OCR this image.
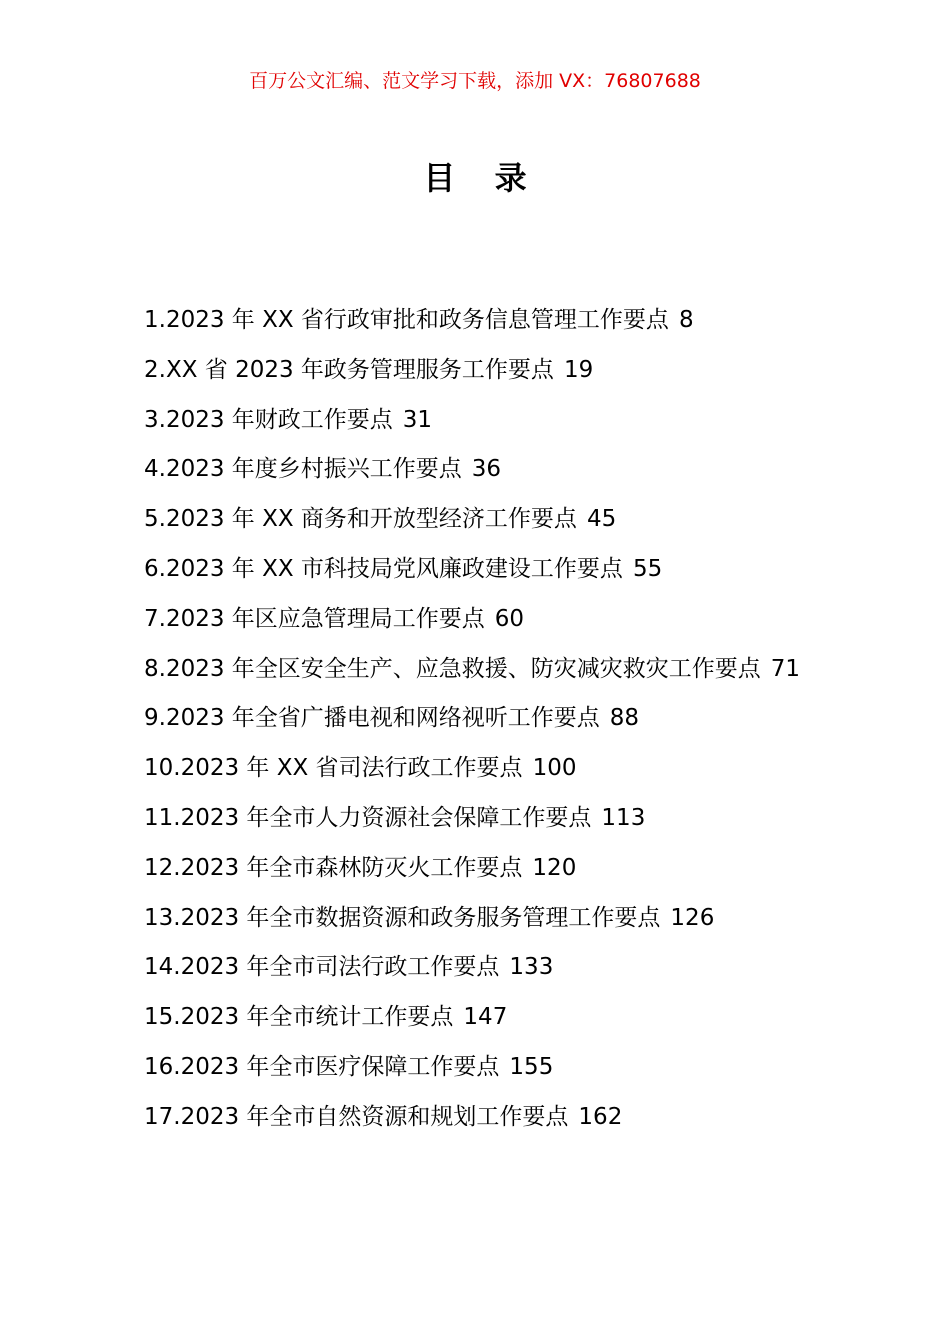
百万公文汇编、范文学习下载，添加 VX：76807688
目 录
1.2023 年 XX 省行政审批和政务信息管理工作要点 8
2.XX 省 2023 年政务管理服务工作要点 19
3.2023 年财政工作要点 31
4.2023 年度乡村振兴工作要点 36
5.2023 年 XX 商务和开放型经济工作要点 45
6.2023 年 XX 市科技局党风廉政建设工作要点 55
7.2023 年区应急管理局工作要点 60
8.2023 年全区安全生产、应急救援、防灾减灾救灾工作要点 71
9.2023 年全省广播电视和网络视听工作要点 88
10.2023 年 XX 省司法行政工作要点 100
11.2023 年全市人力资源社会保障工作要点 113
12.2023 年全市森林防灭火工作要点 120
13.2023 年全市数据资源和政务服务管理工作要点 126
14.2023 年全市司法行政工作要点 133
15.2023 年全市统计工作要点 147
16.2023 年全市医疗保障工作要点 155
17.2023 年全市自然资源和规划工作要点 162
